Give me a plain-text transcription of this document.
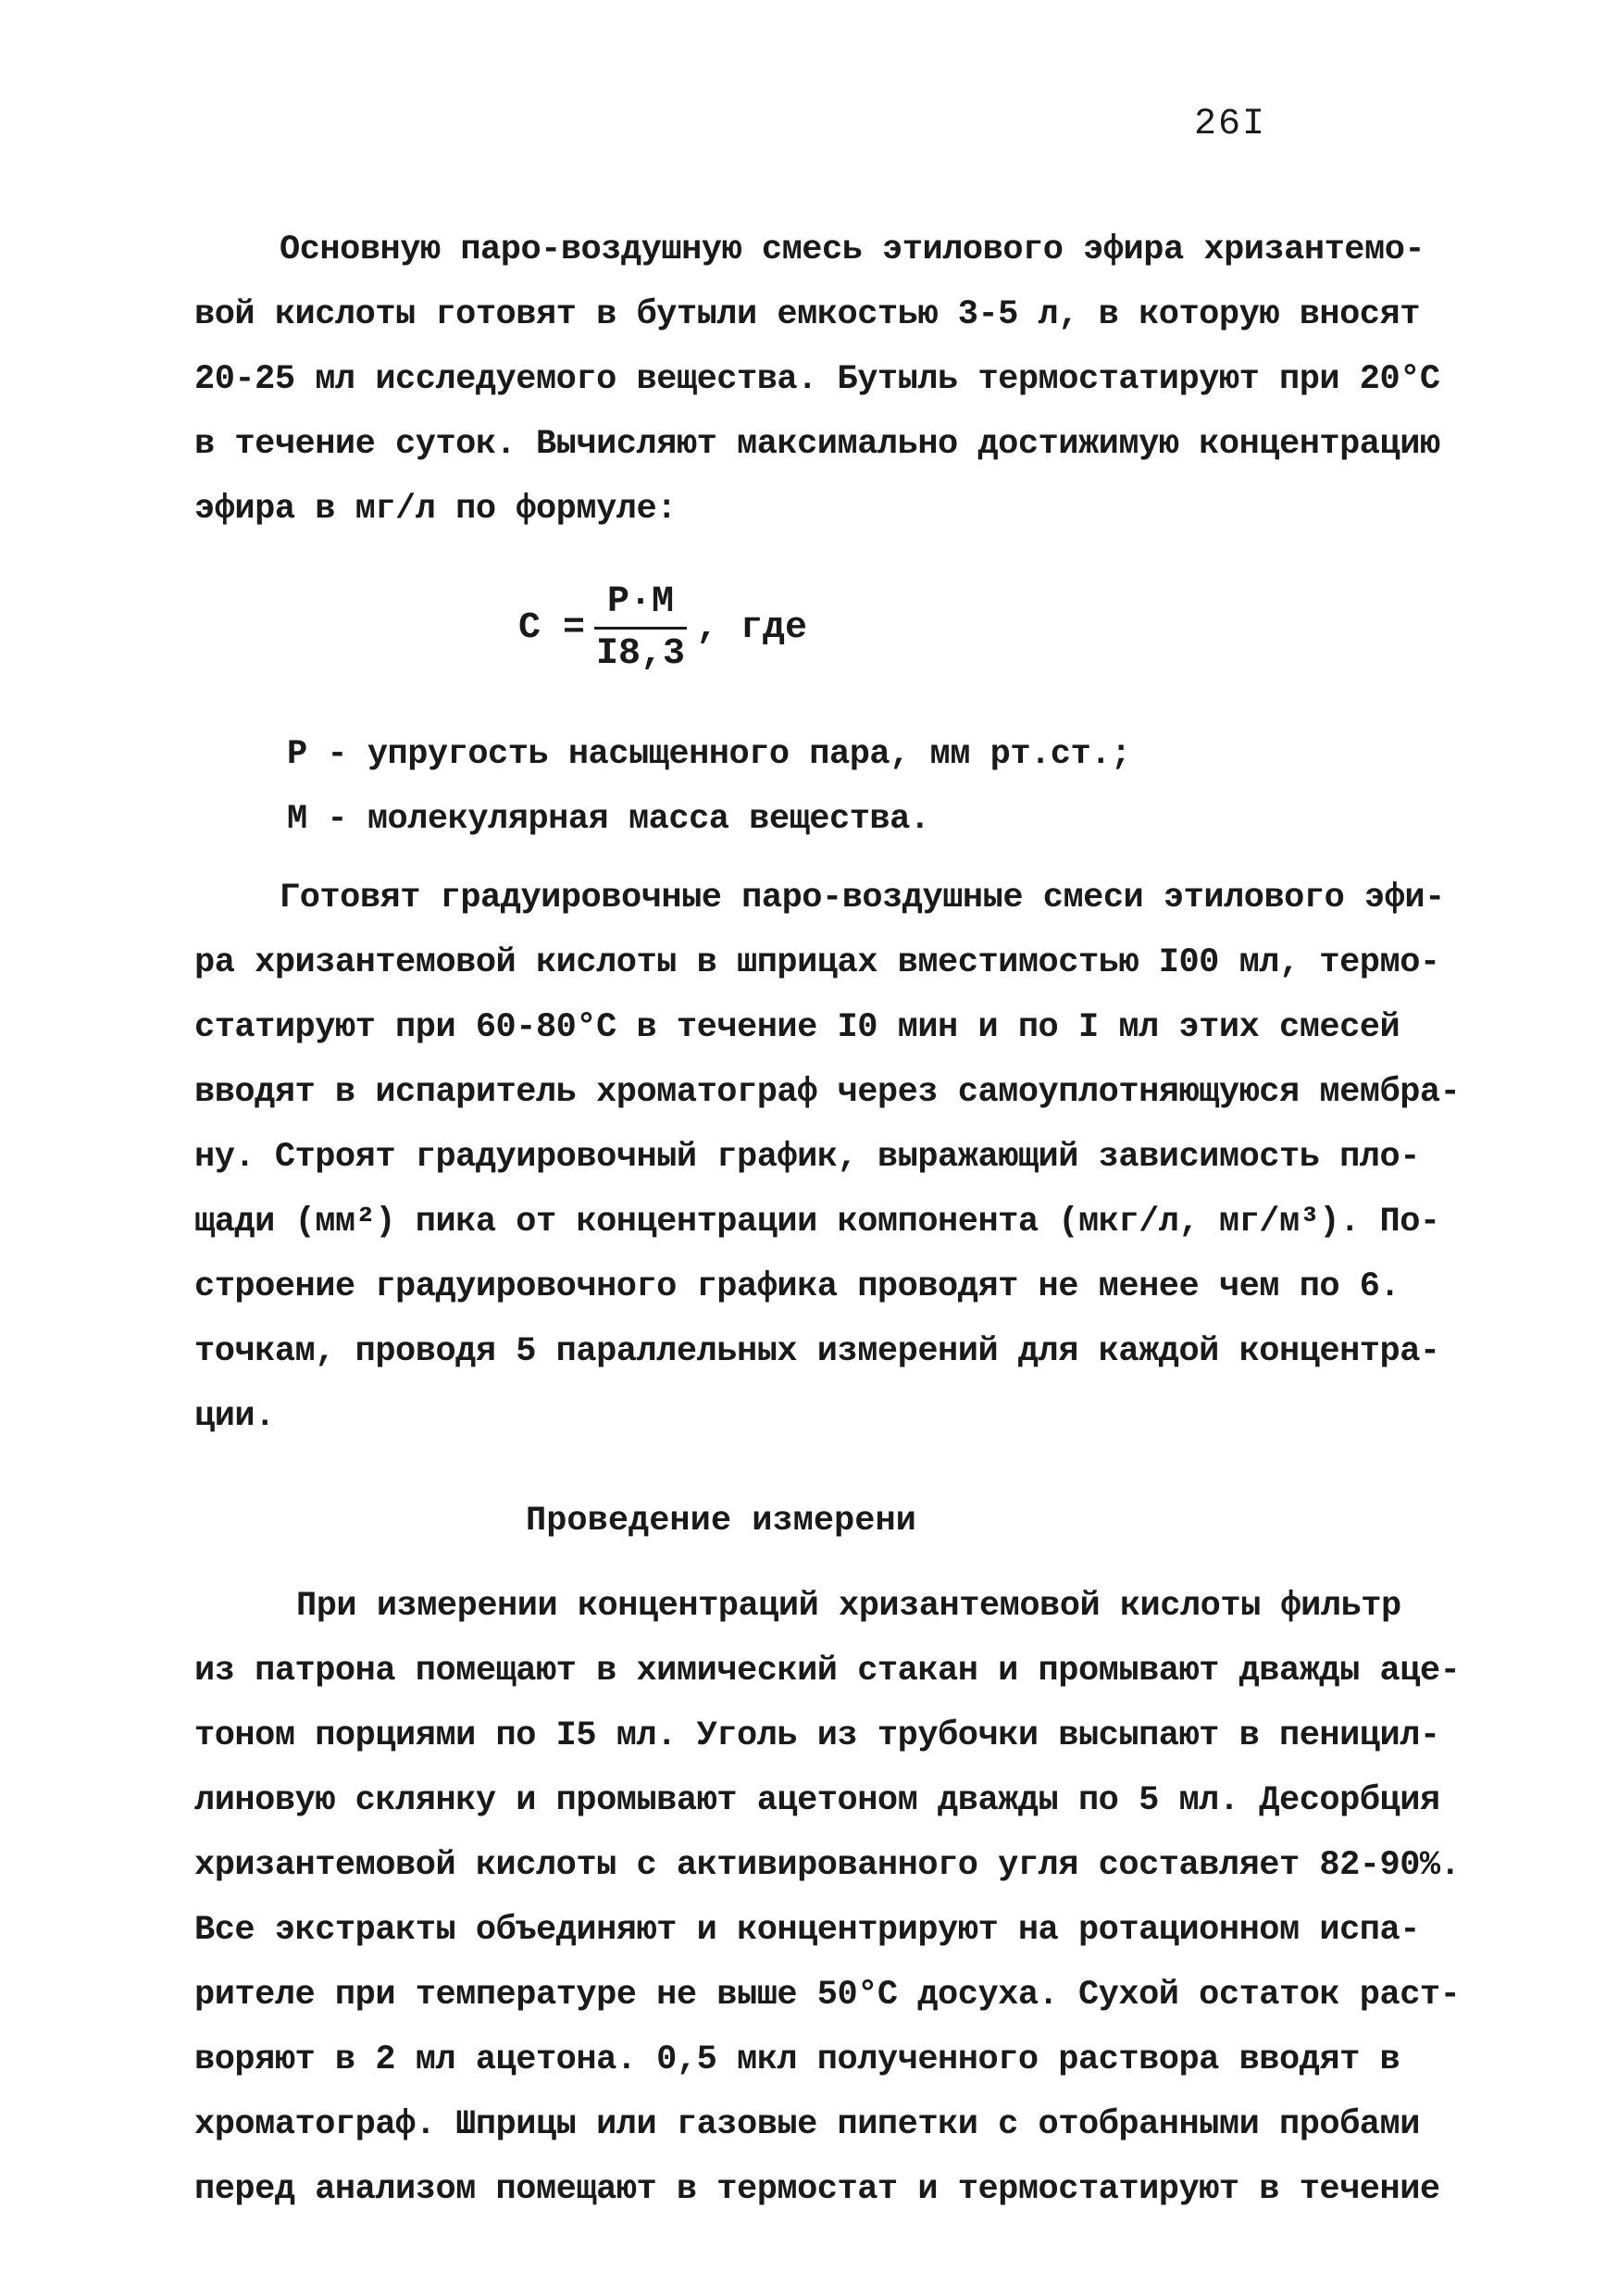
26I
Основную паро-воздушную смесь этилового эфира хризантемо-
вой кислоты готовят в бутыли емкостью 3-5 л, в которую вносят
20-25 мл исследуемого вещества. Бутыль термостатируют при 20°С
в течение суток. Вычисляют максимально достижимую концентрацию
эфира в мг/л по формуле:
$С = \frac{Р\cdot М}{I8,3}$ , где
Р - упругость насыщенного пара, мм рт.ст.;
М - молекулярная масса вещества.
Готовят градуировочные паро-воздушные смеси этилового эфи-
ра хризантемовой кислоты в шприцах вместимостью I00 мл, термо-
статируют при 60-80°С в течение I0 мин и по I мл этих смесей
вводят в испаритель хроматограф через самоуплотняющуюся мембра-
ну. Строят градуировочный график, выражающий зависимость пло-
щади (мм²) пика от концентрации компонента (мкг/л, мг/м³). По-
строение градуировочного графика проводят не менее чем по 6.
точкам, проводя 5 параллельных измерений для каждой концентра-
ции.
Проведение измерени
При измерении концентраций хризантемовой кислоты фильтр
из патрона помещают в химический стакан и промывают дважды аце-
тоном порциями по I5 мл. Уголь из трубочки высыпают в пеницил-
линовую склянку и промывают ацетоном дважды по 5 мл. Десорбция
хризантемовой кислоты с активированного угля составляет 82-90%.
Все экстракты объединяют и концентрируют на ротационном испа-
рителе при температуре не выше 50°С досуха. Сухой остаток раст-
воряют в 2 мл ацетона. 0,5 мкл полученного раствора вводят в
хроматограф. Шприцы или газовые пипетки с отобранными пробами
перед анализом помещают в термостат и термостатируют в течение
